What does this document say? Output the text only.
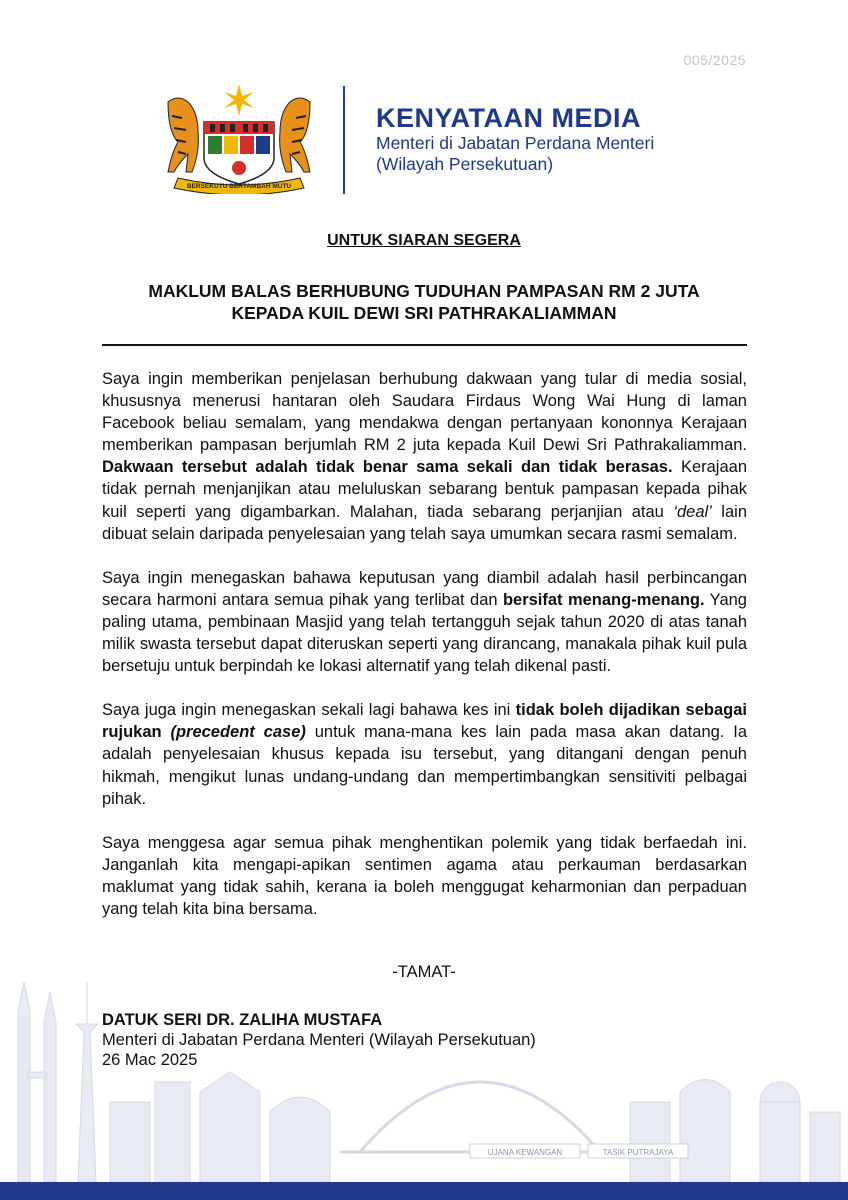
005/2025
BERSEKUTU BERTAMBAH MUTU
KENYATAAN MEDIA
Menteri di Jabatan Perdana Menteri
(Wilayah Persekutuan)
UNTUK SIARAN SEGERA
MAKLUM BALAS BERHUBUNG TUDUHAN PAMPASAN RM 2 JUTA
KEPADA KUIL DEWI SRI PATHRAKALIAMMAN

Saya ingin memberikan penjelasan berhubung dakwaan yang tular di media sosial, khususnya menerusi hantaran oleh Saudara Firdaus Wong Wai Hung di laman Facebook beliau semalam, yang mendakwa dengan pertanyaan kononnya Kerajaan memberikan pampasan berjumlah RM 2 juta kepada Kuil Dewi Sri Pathrakaliamman. Dakwaan tersebut adalah tidak benar sama sekali dan tidak berasas. Kerajaan tidak pernah menjanjikan atau meluluskan sebarang bentuk pampasan kepada pihak kuil seperti yang digambarkan. Malahan, tiada sebarang perjanjian atau ‘deal’ lain dibuat selain daripada penyelesaian yang telah saya umumkan secara rasmi semalam.

Saya ingin menegaskan bahawa keputusan yang diambil adalah hasil perbincangan secara harmoni antara semua pihak yang terlibat dan bersifat menang-menang. Yang paling utama, pembinaan Masjid yang telah tertangguh sejak tahun 2020 di atas tanah milik swasta tersebut dapat diteruskan seperti yang dirancang, manakala pihak kuil pula bersetuju untuk berpindah ke lokasi alternatif yang telah dikenal pasti.

Saya juga ingin menegaskan sekali lagi bahawa kes ini tidak boleh dijadikan sebagai rujukan (precedent case) untuk mana-mana kes lain pada masa akan datang. Ia adalah penyelesaian khusus kepada isu tersebut, yang ditangani dengan penuh hikmah, mengikut lunas undang-undang dan mempertimbangkan sensitiviti pelbagai pihak.

Saya menggesa agar semua pihak menghentikan polemik yang tidak berfaedah ini. Janganlah kita mengapi-apikan sentimen agama atau perkauman berdasarkan maklumat yang tidak sahih, kerana ia boleh menggugat keharmonian dan perpaduan yang telah kita bina bersama.

-TAMAT-
DATUK SERI DR. ZALIHA MUSTAFA
Menteri di Jabatan Perdana Menteri (Wilayah Persekutuan)
26 Mac 2025
UJANA KEWANGAN	TASIK PUTRAJAYA
